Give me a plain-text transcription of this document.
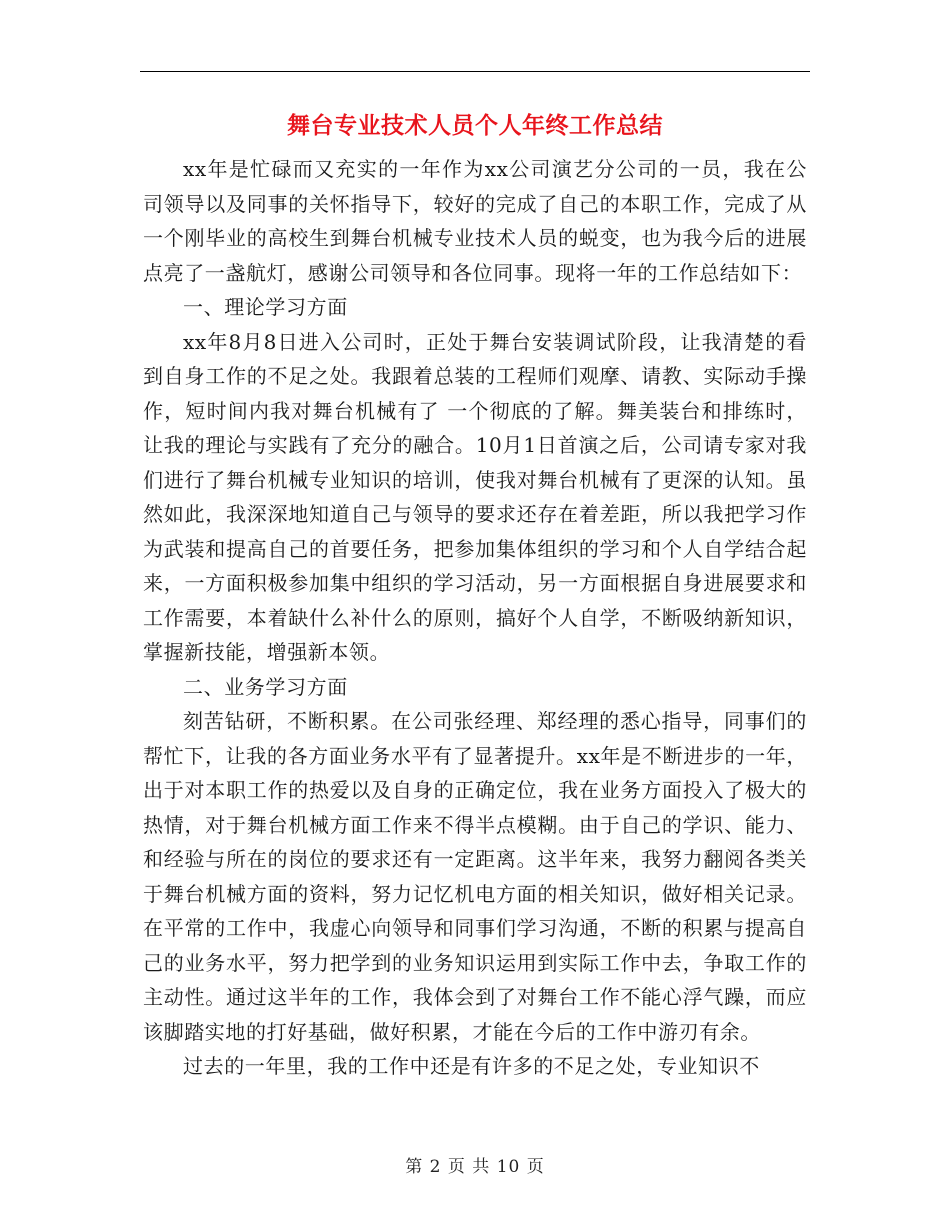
舞台专业技术人员个人年终工作总结

xx年是忙碌而又充实的一年作为xx公司演艺分公司的一员，我在公司领导以及同事的关怀指导下，较好的完成了自己的本职工作，完成了从一个刚毕业的高校生到舞台机械专业技术人员的蜕变，也为我今后的进展点亮了一盏航灯，感谢公司领导和各位同事。现将一年的工作总结如下：

一、理论学习方面

xx年8月8日进入公司时，正处于舞台安装调试阶段，让我清楚的看到自身工作的不足之处。我跟着总装的工程师们观摩、请教、实际动手操作，短时间内我对舞台机械有了 一个彻底的了解。舞美装台和排练时，让我的理论与实践有了充分的融合。10月1日首演之后，公司请专家对我们进行了舞台机械专业知识的培训，使我对舞台机械有了更深的认知。虽然如此，我深深地知道自己与领导的要求还存在着差距，所以我把学习作为武装和提高自己的首要任务，把参加集体组织的学习和个人自学结合起来，一方面积极参加集中组织的学习活动，另一方面根据自身进展要求和工作需要，本着缺什么补什么的原则，搞好个人自学，不断吸纳新知识，掌握新技能，增强新本领。

二、业务学习方面

刻苦钻研，不断积累。在公司张经理、郑经理的悉心指导，同事们的帮忙下，让我的各方面业务水平有了显著提升。xx年是不断进步的一年，出于对本职工作的热爱以及自身的正确定位，我在业务方面投入了极大的热情，对于舞台机械方面工作来不得半点模糊。由于自己的学识、能力、和经验与所在的岗位的要求还有一定距离。这半年来，我努力翻阅各类关于舞台机械方面的资料，努力记忆机电方面的相关知识，做好相关记录。在平常的工作中，我虚心向领导和同事们学习沟通，不断的积累与提高自己的业务水平，努力把学到的业务知识运用到实际工作中去，争取工作的主动性。通过这半年的工作，我体会到了对舞台工作不能心浮气躁，而应该脚踏实地的打好基础，做好积累，才能在今后的工作中游刃有余。

过去的一年里，我的工作中还是有许多的不足之处，专业知识不

第 2 页 共 10 页
